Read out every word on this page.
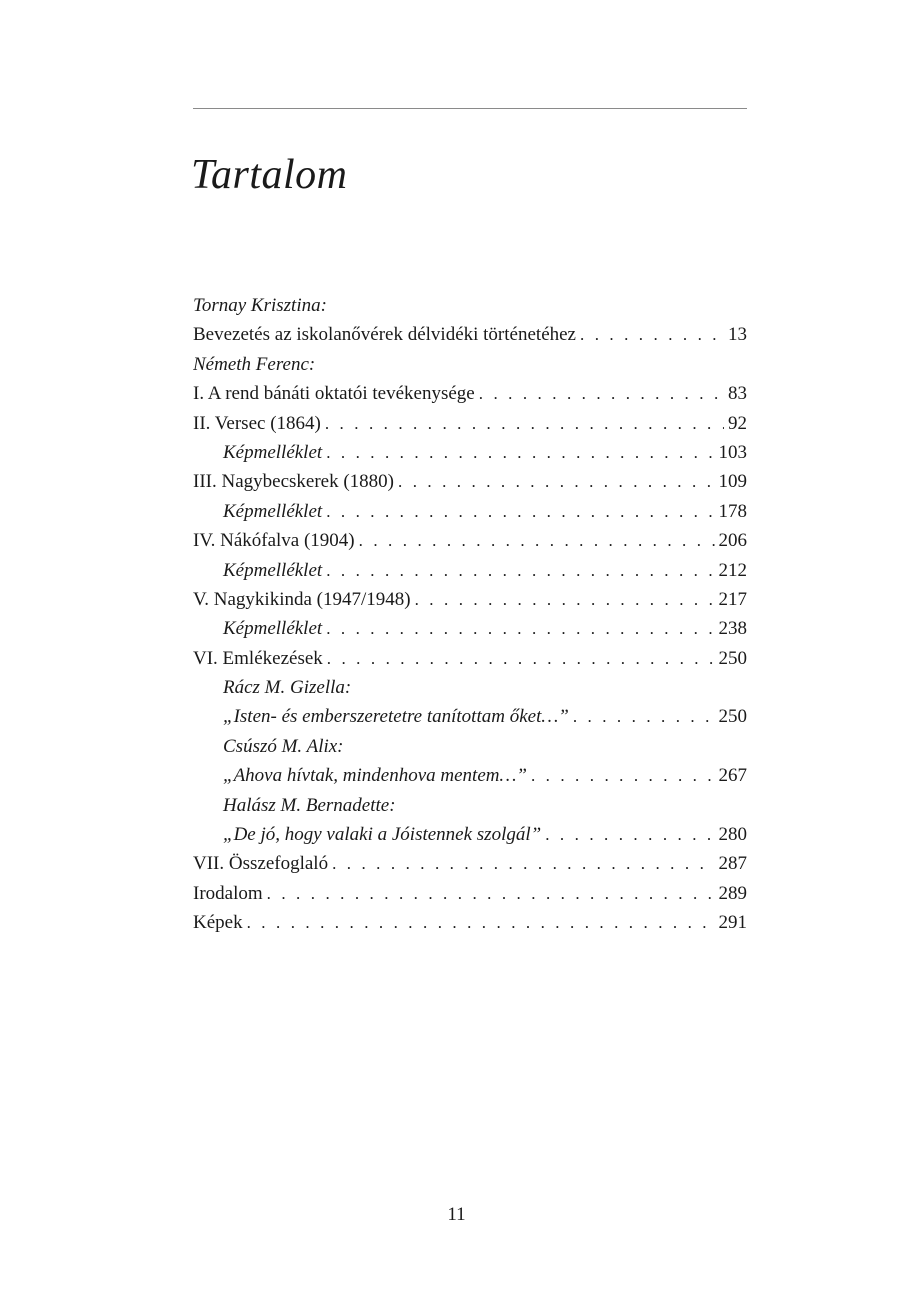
Tartalom
Tornay Krisztina:
Bevezetés az iskolanővérek délvidéki történetéhez . . .	13
Németh Ferenc:
I. A rend bánáti oktatói tevékenysége . . .	83
II. Versec (1864) . . .	92
Képmelléklet . . .	103
III. Nagybecskerek (1880) . . .	109
Képmelléklet . . .	178
IV. Nákófalva (1904) . . .	206
Képmelléklet . . .	212
V. Nagykikinda (1947/1948) . . .	217
Képmelléklet . . .	238
VI. Emlékezések . . .	250
Rácz M. Gizella:
„Isten- és emberszeretetre tanítottam őket…” . . .	250
Csúszó M. Alix:
„Ahova hívtak, mindenhova mentem…” . . .	267
Halász M. Bernadette:
„De jó, hogy valaki a Jóistennek szolgál” . . .	280
VII. Összefoglaló . . .	287
Irodalom . . .	289
Képek . . .	291
11
